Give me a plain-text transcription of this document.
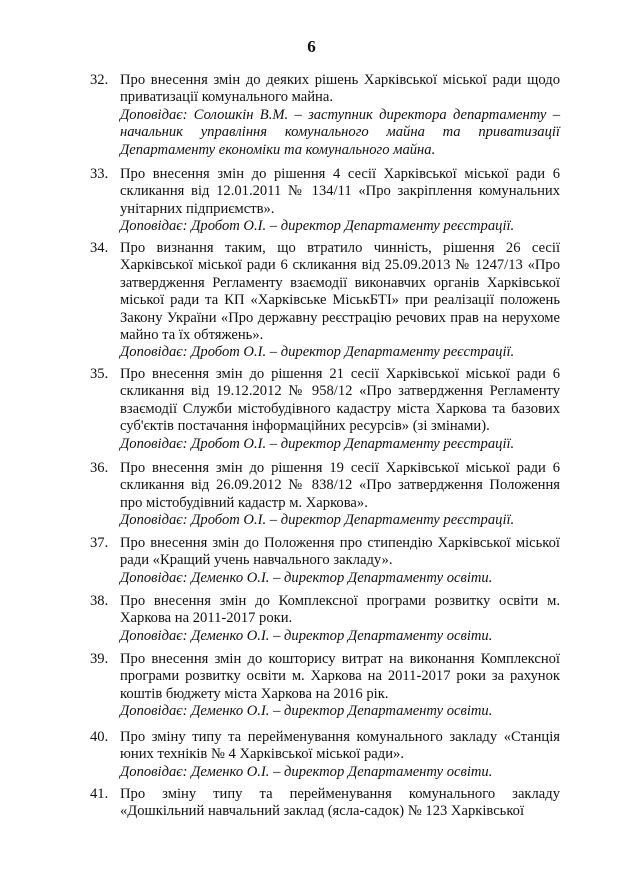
6
32. Про внесення змін до деяких рішень Харківської міської ради щодо приватизації комунального майна.
Доповідає: Солошкін В.М. – заступник директора департаменту – начальник управління комунального майна та приватизації Департаменту економіки та комунального майна.
33. Про внесення змін до рішення 4 сесії Харківської міської ради 6 скликання від 12.01.2011 № 134/11 «Про закріплення комунальних унітарних підприємств».
Доповідає: Дробот О.І. – директор Департаменту реєстрації.
34. Про визнання таким, що втратило чинність, рішення 26 сесії Харківської міської ради 6 скликання від 25.09.2013 № 1247/13 «Про затвердження Регламенту взаємодії виконавчих органів Харківської міської ради та КП «Харківське МіськБТІ» при реалізації положень Закону України «Про державну реєстрацію речових прав на нерухоме майно та їх обтяжень».
Доповідає: Дробот О.І. – директор Департаменту реєстрації.
35. Про внесення змін до рішення 21 сесії Харківської міської ради 6 скликання від 19.12.2012 № 958/12 «Про затвердження Регламенту взаємодії Служби містобудівного кадастру міста Харкова та базових суб'єктів постачання інформаційних ресурсів» (зі змінами).
Доповідає: Дробот О.І. – директор Департаменту реєстрації.
36. Про внесення змін до рішення 19 сесії Харківської міської ради 6 скликання від 26.09.2012 № 838/12 «Про затвердження Положення про містобудівний кадастр м. Харкова».
Доповідає: Дробот О.І. – директор Департаменту реєстрації.
37. Про внесення змін до Положення про стипендію Харківської міської ради «Кращий учень навчального закладу».
Доповідає: Деменко О.І. – директор Департаменту освіти.
38. Про внесення змін до Комплексної програми розвитку освіти м. Харкова на 2011-2017 роки.
Доповідає: Деменко О.І. – директор Департаменту освіти.
39. Про внесення змін до кошторису витрат на виконання Комплексної програми розвитку освіти м. Харкова на 2011-2017 роки за рахунок коштів бюджету міста Харкова на 2016 рік.
Доповідає: Деменко О.І. – директор Департаменту освіти.
40. Про зміну типу та перейменування комунального закладу «Станція юних техніків № 4 Харківської міської ради».
Доповідає: Деменко О.І. – директор Департаменту освіти.
41. Про зміну типу та перейменування комунального закладу «Дошкільний навчальний заклад (ясла-садок) № 123 Харківської
